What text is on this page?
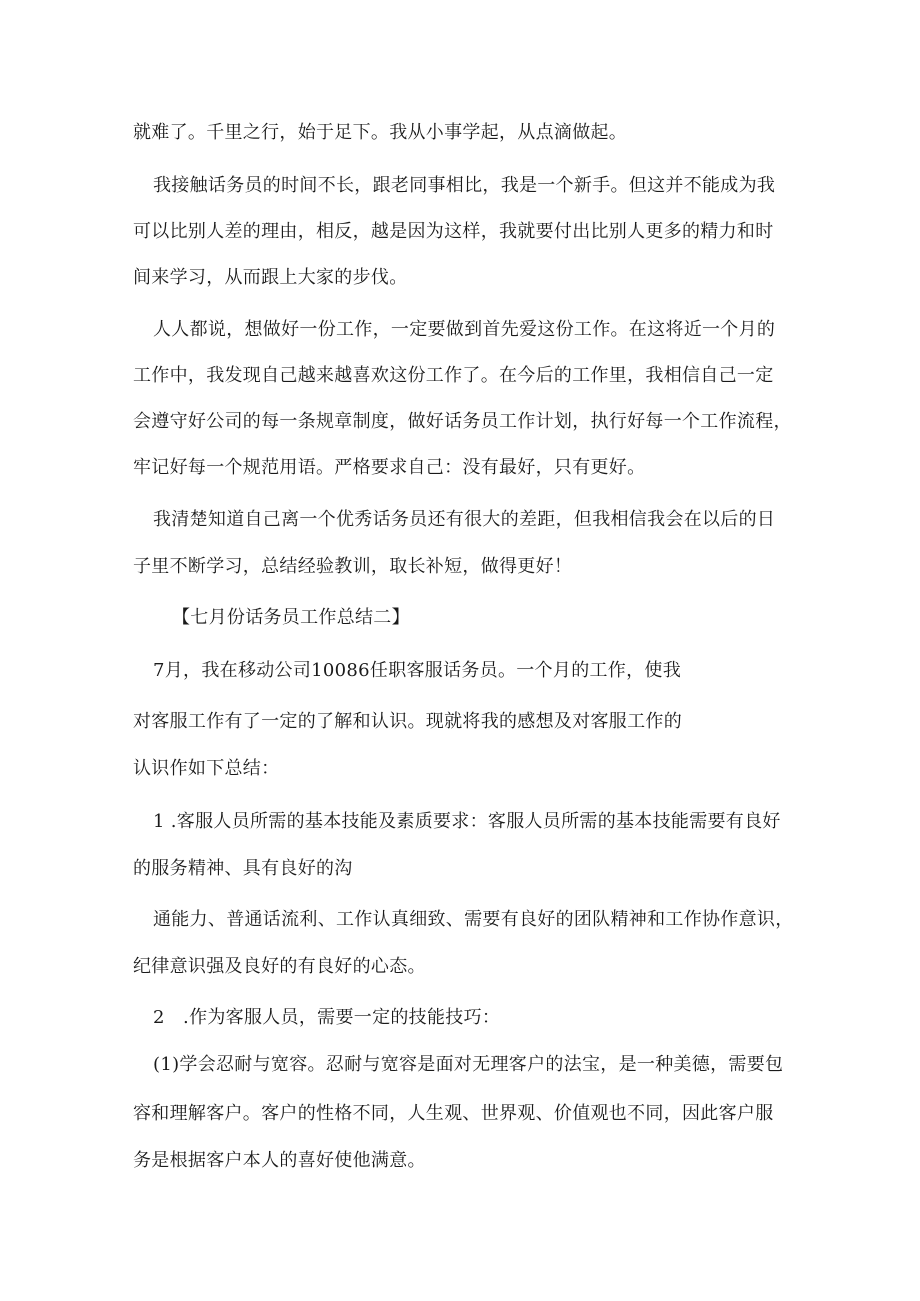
就难了。千里之行，始于足下。我从小事学起，从点滴做起。
我接触话务员的时间不长，跟老同事相比，我是一个新手。但这并不能成为我
可以比别人差的理由，相反，越是因为这样，我就要付出比别人更多的精力和时
间来学习，从而跟上大家的步伐。
人人都说，想做好一份工作，一定要做到首先爱这份工作。在这将近一个月的
工作中，我发现自己越来越喜欢这份工作了。在今后的工作里，我相信自己一定
会遵守好公司的每一条规章制度，做好话务员工作计划，执行好每一个工作流程，
牢记好每一个规范用语。严格要求自己：没有最好，只有更好。
我清楚知道自己离一个优秀话务员还有很大的差距，但我相信我会在以后的日
子里不断学习，总结经验教训，取长补短，做得更好！
【七月份话务员工作总结二】
7月，我在移动公司10086任职客服话务员。一个月的工作，使我
对客服工作有了一定的了解和认识。现就将我的感想及对客服工作的
认识作如下总结：
1 .客服人员所需的基本技能及素质要求：客服人员所需的基本技能需要有良好
的服务精神、具有良好的沟
通能力、普通话流利、工作认真细致、需要有良好的团队精神和工作协作意识，
纪律意识强及良好的有良好的心态。
2　.作为客服人员，需要一定的技能技巧：
(1)学会忍耐与宽容。忍耐与宽容是面对无理客户的法宝，是一种美德，需要包
容和理解客户。客户的性格不同，人生观、世界观、价值观也不同，因此客户服
务是根据客户本人的喜好使他满意。
